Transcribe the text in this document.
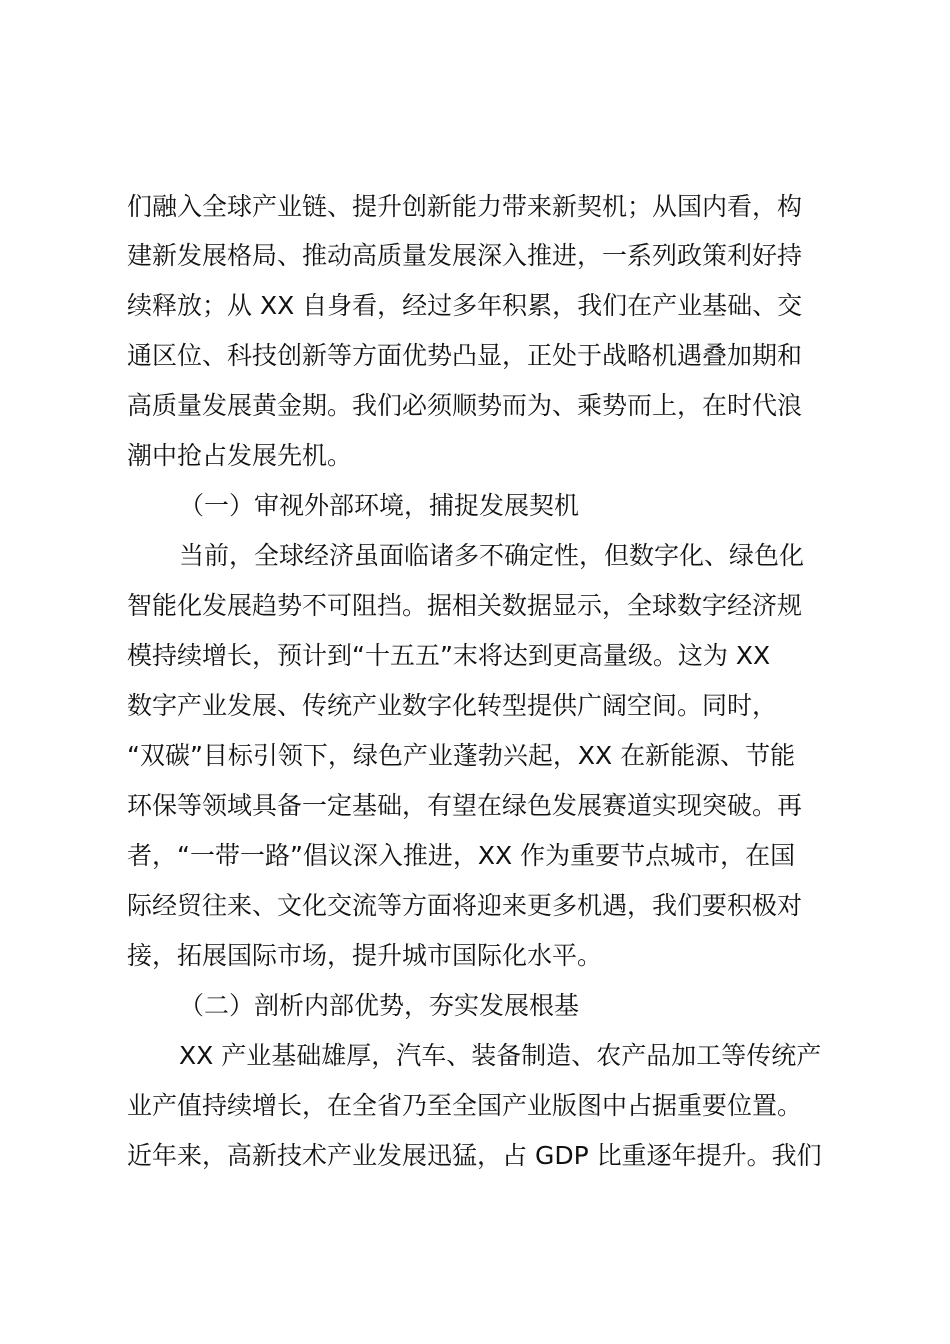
们融入全球产业链、提升创新能力带来新契机；从国内看，构
建新发展格局、推动高质量发展深入推进，一系列政策利好持
续释放；从 XX 自身看，经过多年积累，我们在产业基础、交
通区位、科技创新等方面优势凸显，正处于战略机遇叠加期和
高质量发展黄金期。我们必须顺势而为、乘势而上，在时代浪
潮中抢占发展先机。
（一）审视外部环境，捕捉发展契机
当前，全球经济虽面临诸多不确定性，但数字化、绿色化
智能化发展趋势不可阻挡。据相关数据显示，全球数字经济规
模持续增长，预计到“十五五”末将达到更高量级。这为 XX
数字产业发展、传统产业数字化转型提供广阔空间。同时，
“双碳”目标引领下，绿色产业蓬勃兴起，XX 在新能源、节能
环保等领域具备一定基础，有望在绿色发展赛道实现突破。再
者，“一带一路”倡议深入推进，XX 作为重要节点城市，在国
际经贸往来、文化交流等方面将迎来更多机遇，我们要积极对
接，拓展国际市场，提升城市国际化水平。
（二）剖析内部优势，夯实发展根基
XX 产业基础雄厚，汽车、装备制造、农产品加工等传统产
业产值持续增长，在全省乃至全国产业版图中占据重要位置。
近年来，高新技术产业发展迅猛，占 GDP 比重逐年提升。我们
